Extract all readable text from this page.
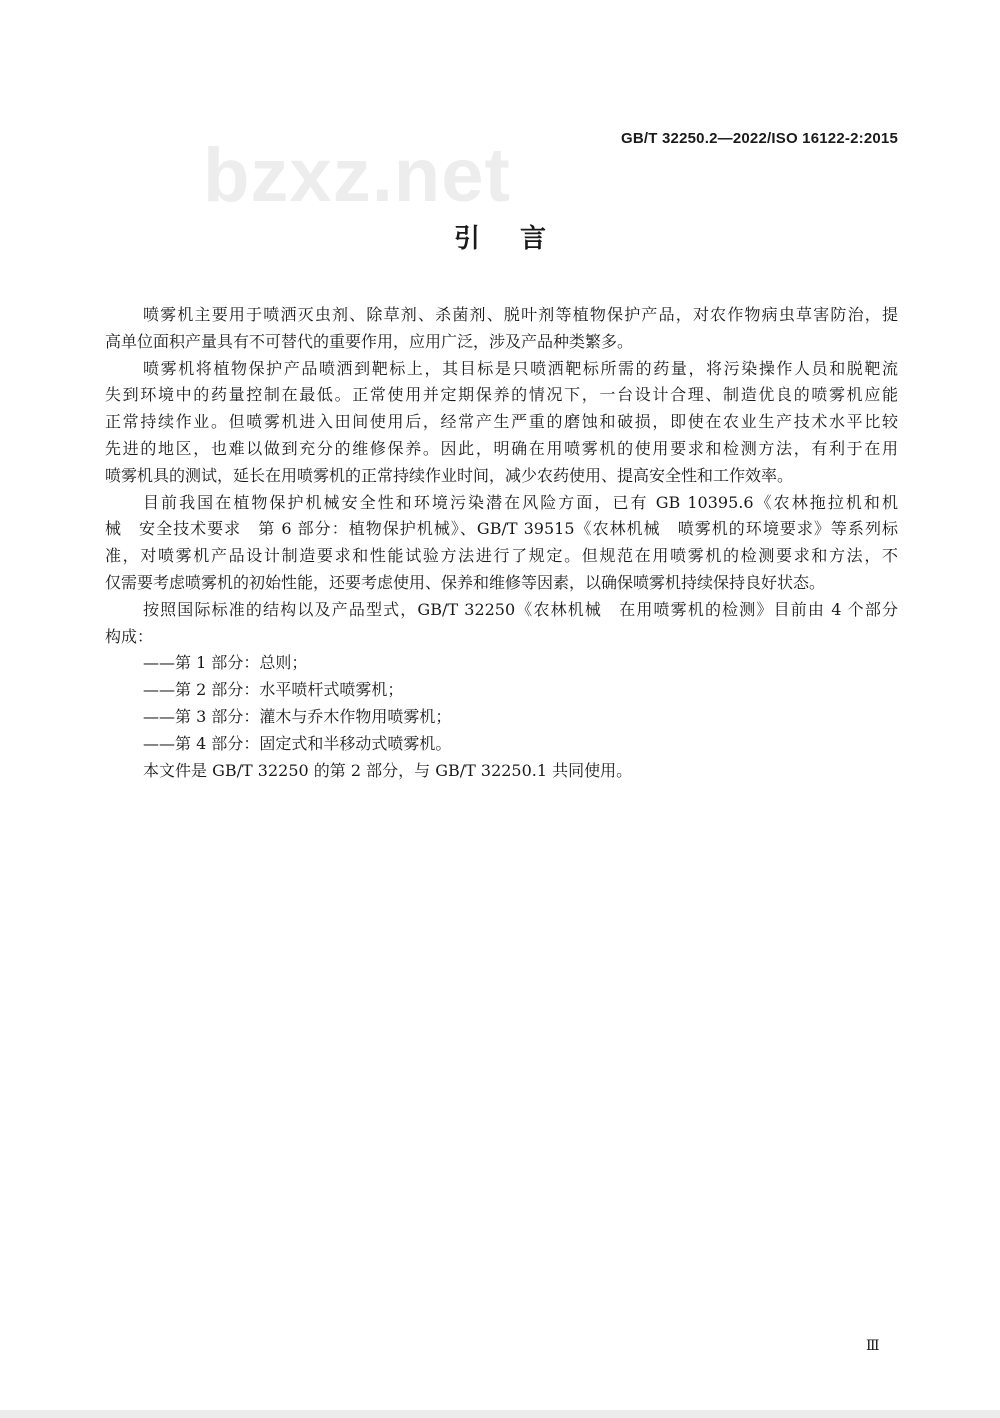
bzxz.net	GB/T 32250.2—2022/ISO 16122-2:2015
引言
喷雾机主要用于喷洒灭虫剂、除草剂、杀菌剂、脱叶剂等植物保护产品，对农作物病虫草害防治，提
高单位面积产量具有不可替代的重要作用，应用广泛，涉及产品种类繁多。
喷雾机将植物保护产品喷洒到靶标上，其目标是只喷洒靶标所需的药量，将污染操作人员和脱靶流
失到环境中的药量控制在最低。正常使用并定期保养的情况下，一台设计合理、制造优良的喷雾机应能
正常持续作业。但喷雾机进入田间使用后，经常产生严重的磨蚀和破损，即使在农业生产技术水平比较
先进的地区，也难以做到充分的维修保养。因此，明确在用喷雾机的使用要求和检测方法，有利于在用
喷雾机具的测试，延长在用喷雾机的正常持续作业时间，减少农药使用、提高安全性和工作效率。
目前我国在植物保护机械安全性和环境污染潜在风险方面，已有 GB 10395.6《农林拖拉机和机
械　安全技术要求　第 6 部分：植物保护机械》、GB/T 39515《农林机械　喷雾机的环境要求》等系列标
准，对喷雾机产品设计制造要求和性能试验方法进行了规定。但规范在用喷雾机的检测要求和方法，不
仅需要考虑喷雾机的初始性能，还要考虑使用、保养和维修等因素，以确保喷雾机持续保持良好状态。
按照国际标准的结构以及产品型式，GB/T 32250《农林机械　在用喷雾机的检测》目前由 4 个部分
构成：
——第 1 部分：总则；
——第 2 部分：水平喷杆式喷雾机；
——第 3 部分：灌木与乔木作物用喷雾机；
——第 4 部分：固定式和半移动式喷雾机。
本文件是 GB/T 32250 的第 2 部分，与 GB/T 32250.1 共同使用。
Ⅲ
